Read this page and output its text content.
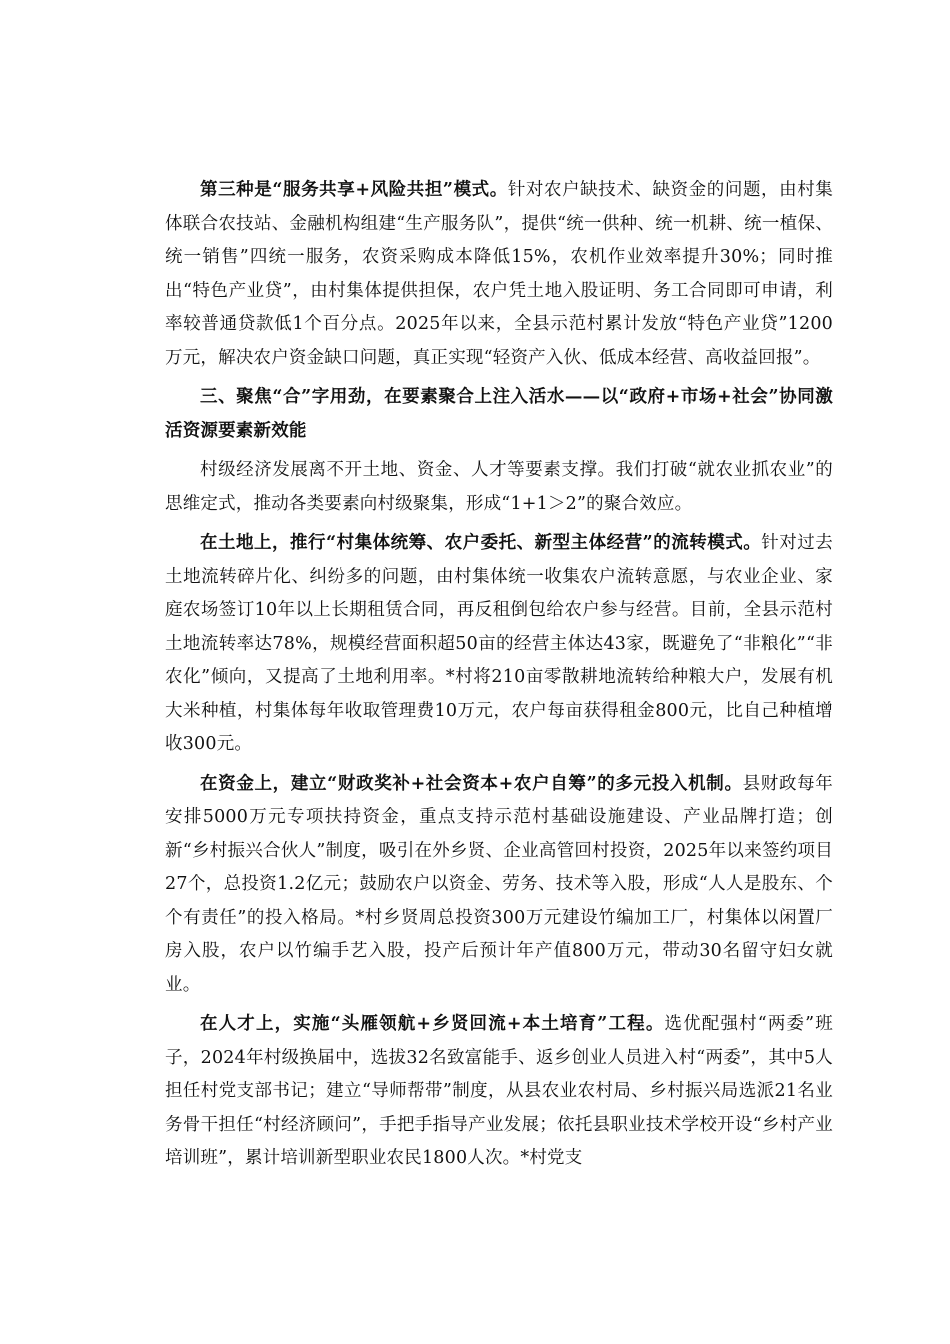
第三种是“服务共享+风险共担”模式。针对农户缺技术、缺资金的问题，由村集体联合农技站、金融机构组建“生产服务队”，提供“统一供种、统一机耕、统一植保、统一销售”四统一服务，农资采购成本降低15%，农机作业效率提升30%；同时推出“特色产业贷”，由村集体提供担保，农户凭土地入股证明、务工合同即可申请，利率较普通贷款低1个百分点。2025年以来，全县示范村累计发放“特色产业贷”1200万元，解决农户资金缺口问题，真正实现“轻资产入伙、低成本经营、高收益回报”。

三、聚焦“合”字用劲，在要素聚合上注入活水——以“政府+市场+社会”协同激活资源要素新效能

村级经济发展离不开土地、资金、人才等要素支撑。我们打破“就农业抓农业”的思维定式，推动各类要素向村级聚集，形成“1+1＞2”的聚合效应。

在土地上，推行“村集体统筹、农户委托、新型主体经营”的流转模式。针对过去土地流转碎片化、纠纷多的问题，由村集体统一收集农户流转意愿，与农业企业、家庭农场签订10年以上长期租赁合同，再反租倒包给农户参与经营。目前，全县示范村土地流转率达78%，规模经营面积超50亩的经营主体达43家，既避免了“非粮化”“非农化”倾向，又提高了土地利用率。*村将210亩零散耕地流转给种粮大户，发展有机大米种植，村集体每年收取管理费10万元，农户每亩获得租金800元，比自己种植增收300元。

在资金上，建立“财政奖补+社会资本+农户自筹”的多元投入机制。县财政每年安排5000万元专项扶持资金，重点支持示范村基础设施建设、产业品牌打造；创新“乡村振兴合伙人”制度，吸引在外乡贤、企业高管回村投资，2025年以来签约项目27个，总投资1.2亿元；鼓励农户以资金、劳务、技术等入股，形成“人人是股东、个个有责任”的投入格局。*村乡贤周总投资300万元建设竹编加工厂，村集体以闲置厂房入股，农户以竹编手艺入股，投产后预计年产值800万元，带动30名留守妇女就业。

在人才上，实施“头雁领航+乡贤回流+本土培育”工程。选优配强村“两委”班子，2024年村级换届中，选拔32名致富能手、返乡创业人员进入村“两委”，其中5人担任村党支部书记；建立“导师帮带”制度，从县农业农村局、乡村振兴局选派21名业务骨干担任“村经济顾问”，手把手指导产业发展；依托县职业技术学校开设“乡村产业培训班”，累计培训新型职业农民1800人次。*村党支
